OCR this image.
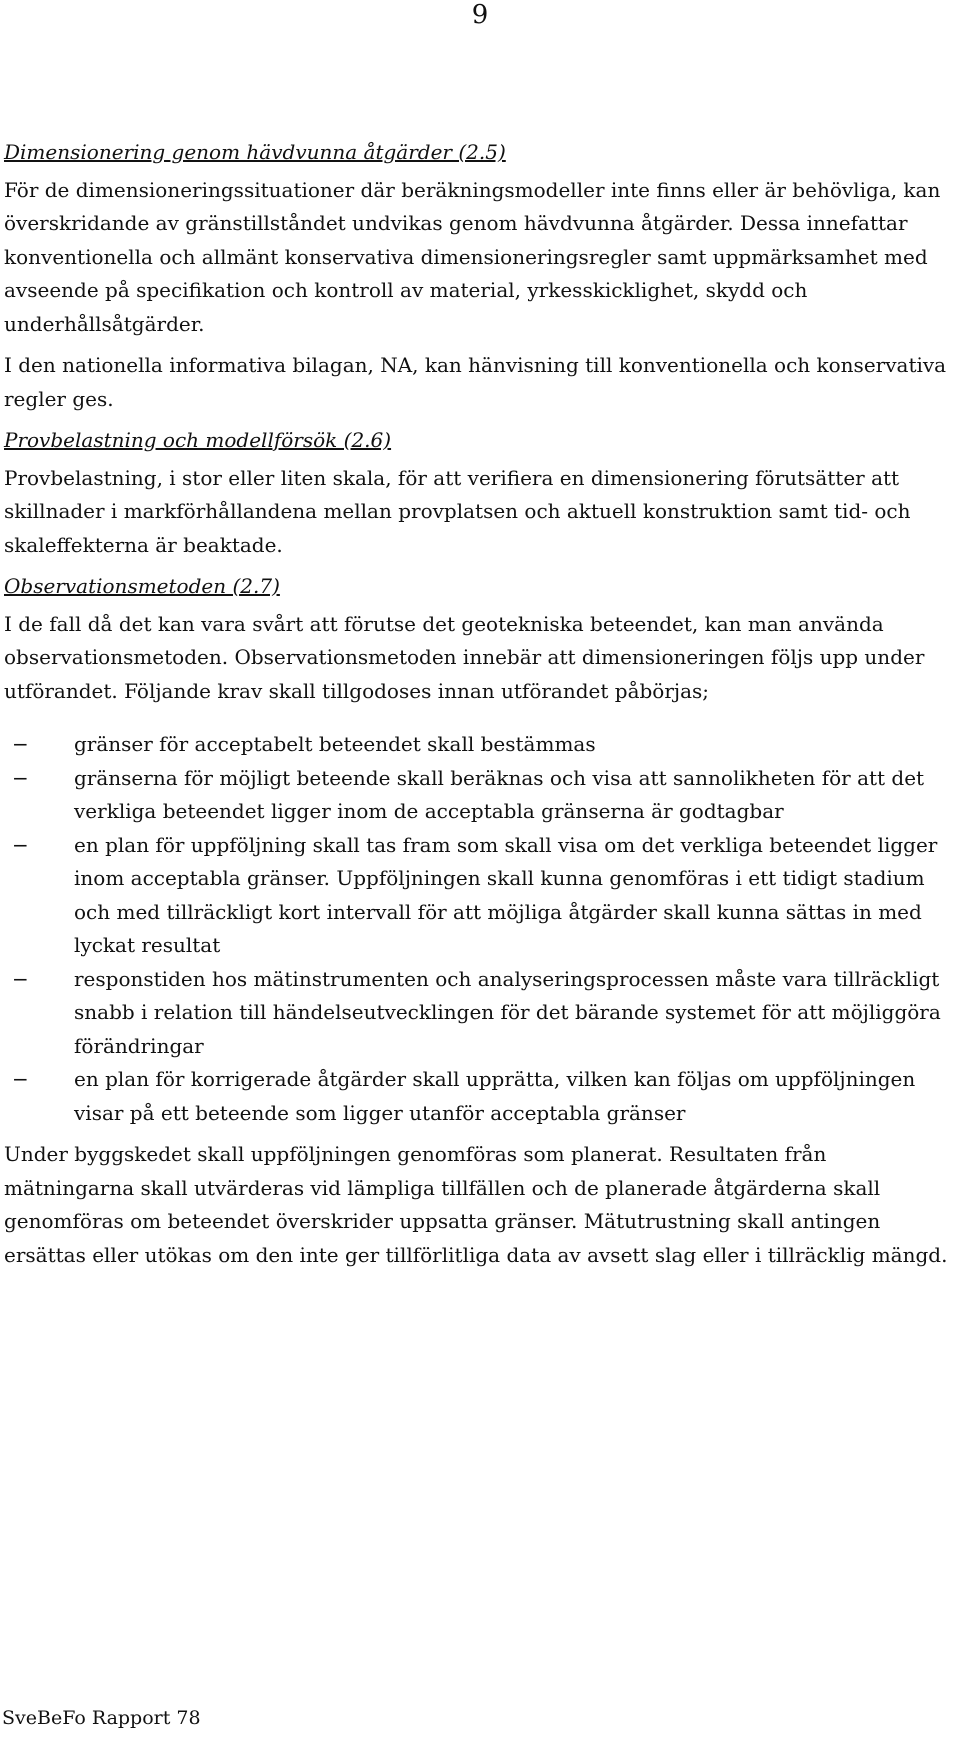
9

Dimensionering genom hävdvunna åtgärder (2.5)

För de dimensioneringssituationer där beräkningsmodeller inte finns eller är behövliga, kan överskridande av gränstillståndet undvikas genom hävdvunna åtgärder. Dessa innefattar konventionella och allmänt konservativa dimensioneringsregler samt uppmärksamhet med avseende på specifikation och kontroll av material, yrkesskicklighet, skydd och underhållsåtgärder.

I den nationella informativa bilagan, NA, kan hänvisning till konventionella och konservativa regler ges.

Provbelastning och modellförsök (2.6)

Provbelastning, i stor eller liten skala, för att verifiera en dimensionering förutsätter att skillnader i markförhållandena mellan provplatsen och aktuell konstruktion samt tid- och skaleffekterna är beaktade.

Observationsmetoden (2.7)

I de fall då det kan vara svårt att förutse det geotekniska beteendet, kan man använda observationsmetoden. Observationsmetoden innebär att dimensioneringen följs upp under utförandet. Följande krav skall tillgodoses innan utförandet påbörjas;

− gränser för acceptabelt beteendet skall bestämmas
− gränserna för möjligt beteende skall beräknas och visa att sannolikheten för att det verkliga beteendet ligger inom de acceptabla gränserna är godtagbar
− en plan för uppföljning skall tas fram som skall visa om det verkliga beteendet ligger inom acceptabla gränser. Uppföljningen skall kunna genomföras i ett tidigt stadium och med tillräckligt kort intervall för att möjliga åtgärder skall kunna sättas in med lyckat resultat
− responstiden hos mätinstrumenten och analyseringsprocessen måste vara tillräckligt snabb i relation till händelseutvecklingen för det bärande systemet för att möjliggöra förändringar
− en plan för korrigerade åtgärder skall upprätta, vilken kan följas om uppföljningen visar på ett beteende som ligger utanför acceptabla gränser

Under byggskedet skall uppföljningen genomföras som planerat. Resultaten från mätningarna skall utvärderas vid lämpliga tillfällen och de planerade åtgärderna skall genomföras om beteendet överskrider uppsatta gränser. Mätutrustning skall antingen ersättas eller utökas om den inte ger tillförlitliga data av avsett slag eller i tillräcklig mängd.

SveBeFo Rapport 78
